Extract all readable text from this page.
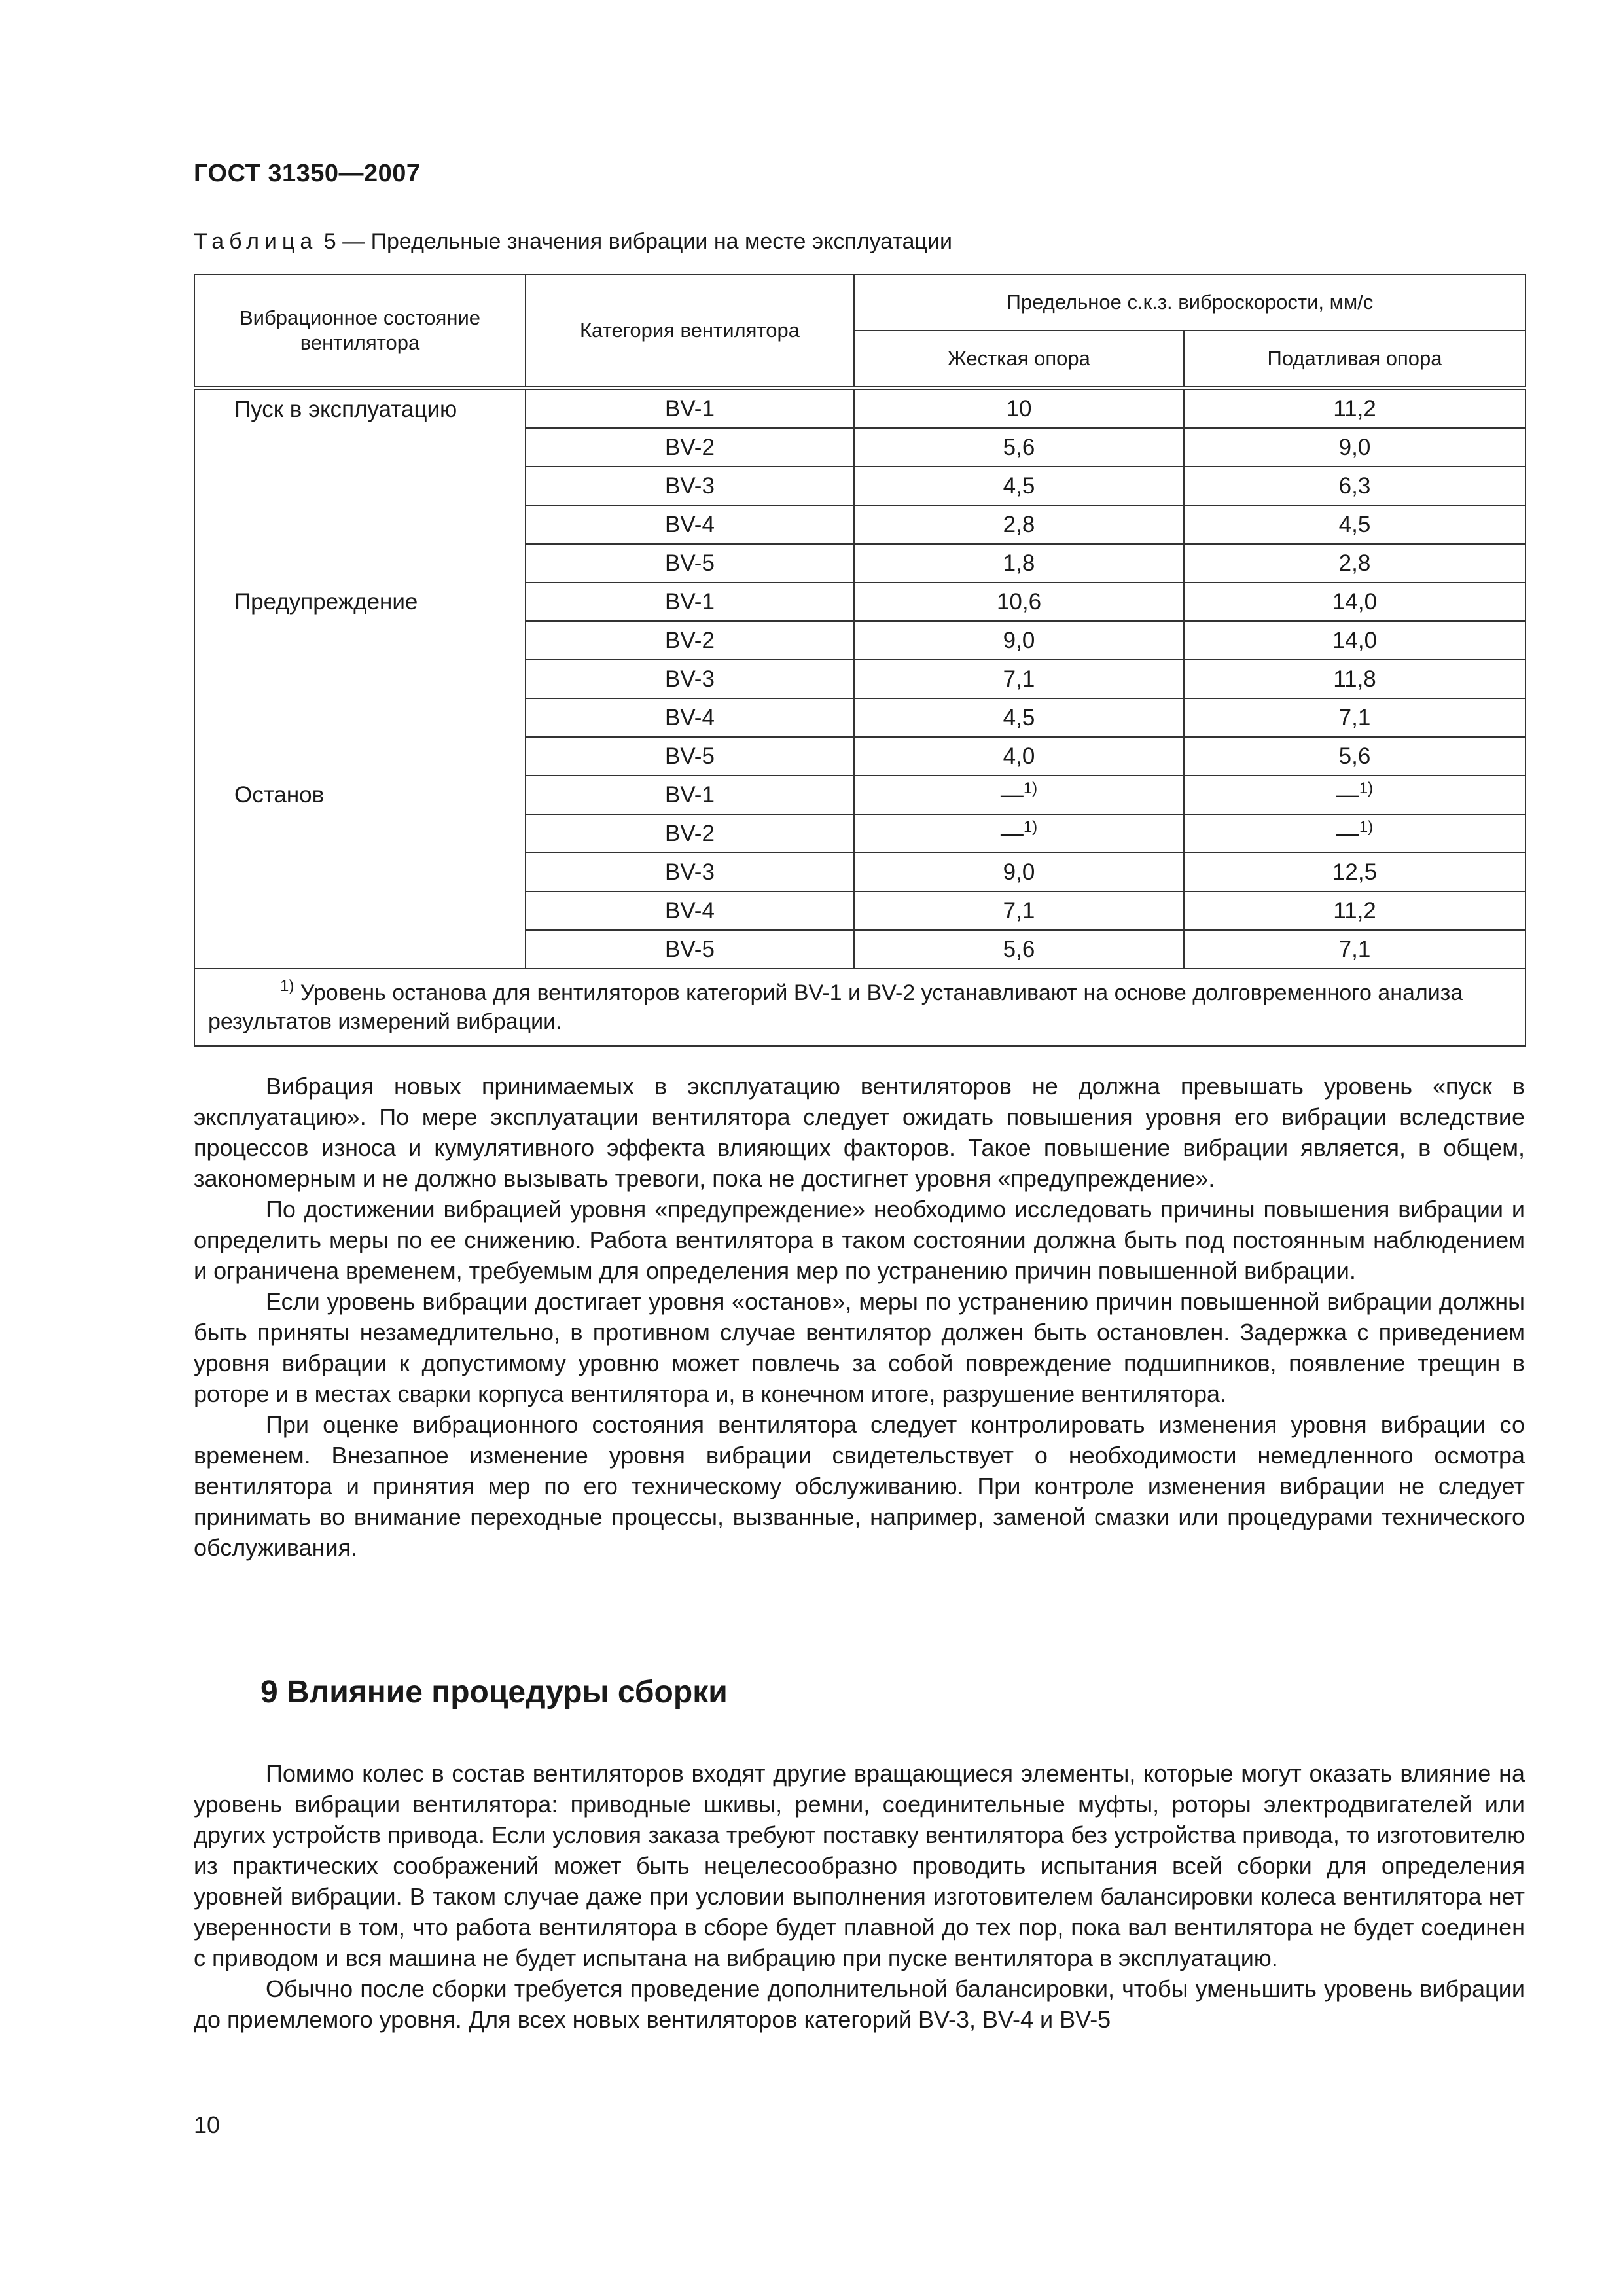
ГОСТ 31350—2007
Таблица 5 — Предельные значения вибрации на месте эксплуатации
Вибрационное состояние вентилятора	Категория вентилятора	Предельное с.к.з. виброскорости, мм/с	
		Жесткая опора	Податливая опора
Пуск в эксплуатацию	BV-1	10	11,2
	BV-2	5,6	9,0
	BV-3	4,5	6,3
	BV-4	2,8	4,5
	BV-5	1,8	2,8
Предупреждение	BV-1	10,6	14,0
	BV-2	9,0	14,0
	BV-3	7,1	11,8
	BV-4	4,5	7,1
	BV-5	4,0	5,6
Останов	BV-1	—$^{1)}$	—$^{1)}$
	BV-2	—$^{1)}$	—$^{1)}$
	BV-3	9,0	12,5
	BV-4	7,1	11,2
	BV-5	5,6	7,1
$^{1)}$ Уровень останова для вентиляторов категорий BV-1 и BV-2 устанавливают на основе долговременного анализа результатов измерений вибрации.			

Вибрация новых принимаемых в эксплуатацию вентиляторов не должна превышать уровень «пуск в эксплуатацию». По мере эксплуатации вентилятора следует ожидать повышения уровня его вибрации вследствие процессов износа и кумулятивного эффекта влияющих факторов. Такое повышение вибрации является, в общем, закономерным и не должно вызывать тревоги, пока не достигнет уровня «предупреждение».

По достижении вибрацией уровня «предупреждение» необходимо исследовать причины повышения вибрации и определить меры по ее снижению. Работа вентилятора в таком состоянии должна быть под постоянным наблюдением и ограничена временем, требуемым для определения мер по устранению причин повышенной вибрации.

Если уровень вибрации достигает уровня «останов», меры по устранению причин повышенной вибрации должны быть приняты незамедлительно, в противном случае вентилятор должен быть остановлен. Задержка с приведением уровня вибрации к допустимому уровню может повлечь за собой повреждение подшипников, появление трещин в роторе и в местах сварки корпуса вентилятора и, в конечном итоге, разрушение вентилятора.

При оценке вибрационного состояния вентилятора следует контролировать изменения уровня вибрации со временем. Внезапное изменение уровня вибрации свидетельствует о необходимости немедленного осмотра вентилятора и принятия мер по его техническому обслуживанию. При контроле изменения вибрации не следует принимать во внимание переходные процессы, вызванные, например, заменой смазки или процедурами технического обслуживания.

9 Влияние процедуры сборки

Помимо колес в состав вентиляторов входят другие вращающиеся элементы, которые могут оказать влияние на уровень вибрации вентилятора: приводные шкивы, ремни, соединительные муфты, роторы электродвигателей или других устройств привода. Если условия заказа требуют поставку вентилятора без устройства привода, то изготовителю из практических соображений может быть нецелесообразно проводить испытания всей сборки для определения уровней вибрации. В таком случае даже при условии выполнения изготовителем балансировки колеса вентилятора нет уверенности в том, что работа вентилятора в сборе будет плавной до тех пор, пока вал вентилятора не будет соединен с приводом и вся машина не будет испытана на вибрацию при пуске вентилятора в эксплуатацию.

Обычно после сборки требуется проведение дополнительной балансировки, чтобы уменьшить уровень вибрации до приемлемого уровня. Для всех новых вентиляторов категорий BV-3, BV-4 и BV-5

10
